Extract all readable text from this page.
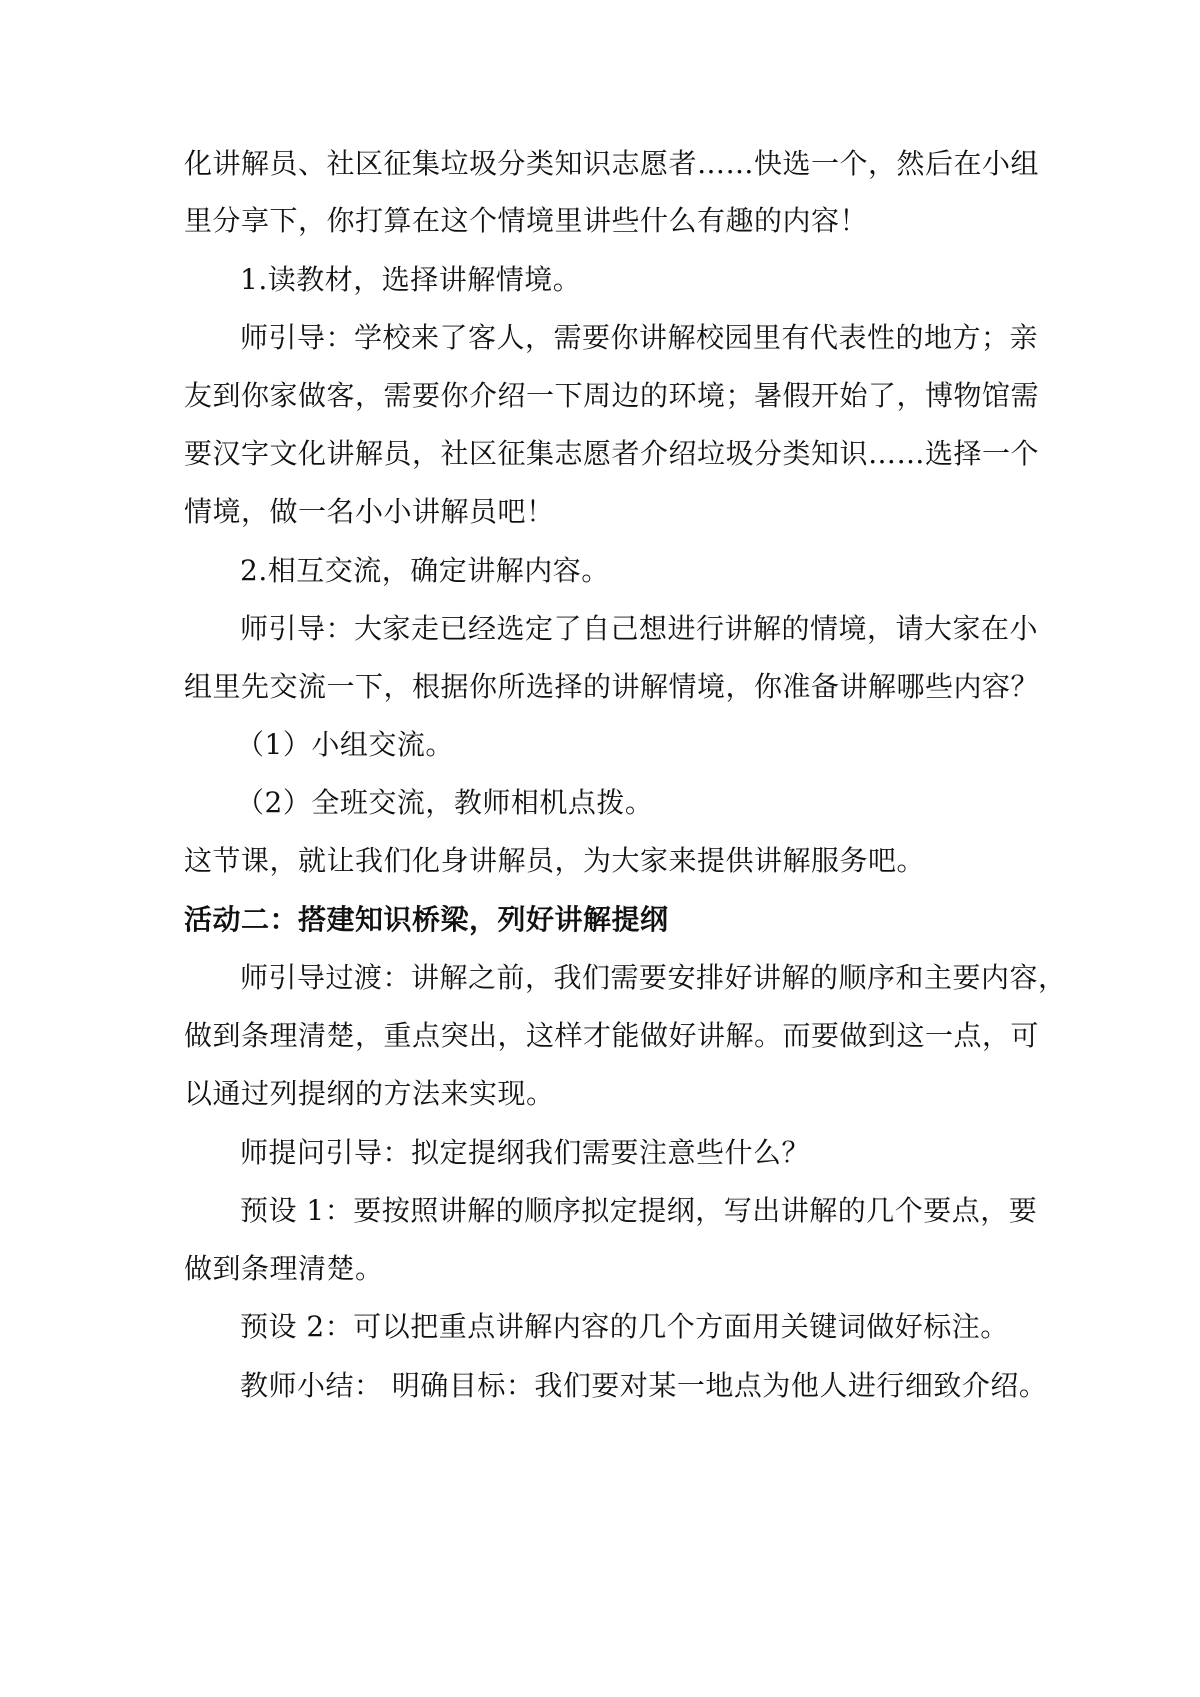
化讲解员、社区征集垃圾分类知识志愿者……快选一个，然后在小组
里分享下，你打算在这个情境里讲些什么有趣的内容！
1.读教材，选择讲解情境。
师引导：学校来了客人，需要你讲解校园里有代表性的地方；亲
友到你家做客，需要你介绍一下周边的环境；暑假开始了，博物馆需
要汉字文化讲解员，社区征集志愿者介绍垃圾分类知识……选择一个
情境，做一名小小讲解员吧！
2.相互交流，确定讲解内容。
师引导：大家走已经选定了自己想进行讲解的情境，请大家在小
组里先交流一下，根据你所选择的讲解情境，你准备讲解哪些内容？
（1）小组交流。
（2）全班交流，教师相机点拨。
这节课，就让我们化身讲解员，为大家来提供讲解服务吧。
活动二：搭建知识桥梁，列好讲解提纲
师引导过渡：讲解之前，我们需要安排好讲解的顺序和主要内容，
做到条理清楚，重点突出，这样才能做好讲解。而要做到这一点，可
以通过列提纲的方法来实现。
师提问引导：拟定提纲我们需要注意些什么？
预设 1：要按照讲解的顺序拟定提纲，写出讲解的几个要点，要
做到条理清楚。
预设 2：可以把重点讲解内容的几个方面用关键词做好标注。
教师小结： 明确目标：我们要对某一地点为他人进行细致介绍。
